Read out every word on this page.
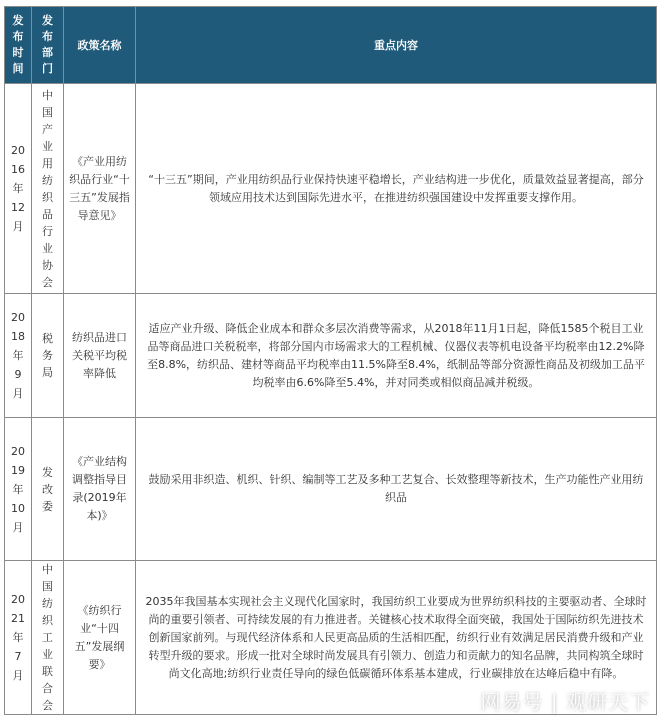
发布时间	发布部门	政策名称	重点内容

2016年12月	中国产业用纺织品行业协会	《产业用纺织品行业“十三五”发展指导意见》	“十三五”期间，产业用纺织品行业保持快速平稳增长，产业结构进一步优化，质量效益显著提高，部分领域应用技术达到国际先进水平，在推进纺织强国建设中发挥重要支撑作用。

2018年9月	税务局	纺织品进口关税平均税率降低	适应产业升级、降低企业成本和群众多层次消费等需求，从2018年11月1日起，降低1585个税目工业品等商品进口关税税率，将部分国内市场需求大的工程机械、仪器仪表等机电设备平均税率由12.2%降至8.8%，纺织品、建材等商品平均税率由11.5%降至8.4%，纸制品等部分资源性商品及初级加工品平均税率由6.6%降至5.4%，并对同类或相似商品减并税级。

2019年10月	发改委	《产业结构调整指导目录(2019年本)》	鼓励采用非织造、机织、针织、编制等工艺及多种工艺复合、长效整理等新技术，生产功能性产业用纺织品

2021年7月	中国纺织工业联合会	《纺织行业“十四五”发展纲要》	2035年我国基本实现社会主义现代化国家时，我国纺织工业要成为世界纺织科技的主要驱动者、全球时尚的重要引领者、可持续发展的有力推进者。关键核心技术取得全面突破，我国处于国际纺织先进技术创新国家前列。与现代经济体系和人民更高品质的生活相匹配，纺织行业有效满足居民消费升级和产业转型升级的要求。形成一批对全球时尚发展具有引领力、创造力和贡献力的知名品牌，共同构筑全球时尚文化高地;纺织行业责任导向的绿色低碳循环体系基本建成，行业碳排放在达峰后稳中有降。
网易号 | 观研天下
